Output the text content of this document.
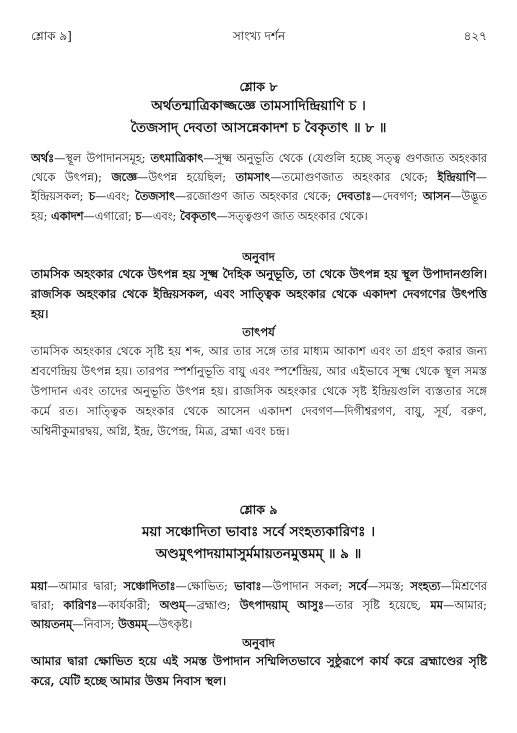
শ্লোক ৯]	সাংখ্য দর্শন	৪২৭
শ্লোক ৮
অর্থতন্মাত্রিকাজ্জজ্ঞে তামসাদিন্দ্রিয়াণি চ ।
তৈজসাদ্‌ দেবতা আসন্নেকাদশ চ বৈকৃতাৎ ॥ ৮ ॥

অর্থঃ—স্থূল উপাদানসমূহ; তৎমাত্রিকাৎ—সূক্ষ্ম অনুভূতি থেকে (যেগুলি হচ্ছে সত্ত্ব গুণজাত অহংকার থেকে উৎপন্ন); জজ্ঞে—উৎপন্ন হয়েছিল; তামসাৎ—তমোগুণজাত অহংকার থেকে; ইন্দ্রিয়াণি—ইন্দ্রিয়সকল; চ—এবং; তৈজসাৎ—রজোগুণ জাত অহংকার থেকে; দেবতাঃ—দেবগণ; আসন—উদ্ভূত হয়; একাদশ—এগারো; চ—এবং; বৈকৃতাৎ—সত্ত্বগুণ জাত অহংকার থেকে।

অনুবাদ

তামসিক অহংকার থেকে উৎপন্ন হয় সূক্ষ্ম দৈহিক অনুভূতি, তা থেকে উৎপন্ন হয় স্থূল উপাদানগুলি। রাজসিক অহংকার থেকে ইন্দ্রিয়সকল, এবং সাত্ত্বিক অহংকার থেকে একাদশ দেবগণের উৎপত্তি হয়।

তাৎপর্য

তামসিক অহংকার থেকে সৃষ্টি হয় শব্দ, আর তার সঙ্গে তার মাধ্যম আকাশ এবং তা গ্রহণ করার জন্য শ্রবণেন্দ্রিয় উৎপন্ন হয়। তারপর স্পর্শানুভূতি বায়ু এবং স্পর্শেন্দ্রিয়, আর এইভাবে সূক্ষ্ম থেকে স্থূল সমস্ত উপাদান এবং তাদের অনুভূতি উৎপন্ন হয়। রাজসিক অহংকার থেকে সৃষ্ট ইন্দ্রিয়গুলি ব্যস্ততার সঙ্গে কর্মে রত। সাত্ত্বিক অহংকার থেকে আসেন একাদশ দেবগণ—দিগীশ্বরগণ, বায়ু, সূর্য, বরুণ, অশ্বিনীকুমারদ্বয়, অগ্নি, ইন্দ্র, উপেন্দ্র, মিত্র, ব্রহ্মা এবং চন্দ্র।

শ্লোক ৯
ময়া সঞ্চোদিতা ভাবাঃ সর্বে সংহত্যকারিণঃ ।
অণ্ডমুৎপাদয়ামাসুর্মমায়তনমুত্তমম্‌ ॥ ৯ ॥

ময়া—আমার দ্বারা; সঞ্চোদিতাঃ—ক্ষোভিত; ভাবাঃ—উপাদান সকল; সর্বে—সমস্ত; সংহত্য—মিশ্রণের দ্বারা; কারিণঃ—কার্যকারী; অণ্ডম্‌—ব্রহ্মাণ্ড; উৎপাদয়াম্‌ আসুঃ—তার সৃষ্টি হয়েছে, মম—আমার; আয়তনম্‌—নিবাস; উত্তমম্‌—উৎকৃষ্ট।

অনুবাদ

আমার দ্বারা ক্ষোভিত হয়ে এই সমস্ত উপাদান সম্মিলিতভাবে সুষ্ঠুরূপে কার্য করে ব্রহ্মাণ্ডের সৃষ্টি করে, যেটি হচ্ছে আমার উত্তম নিবাস স্থল।
